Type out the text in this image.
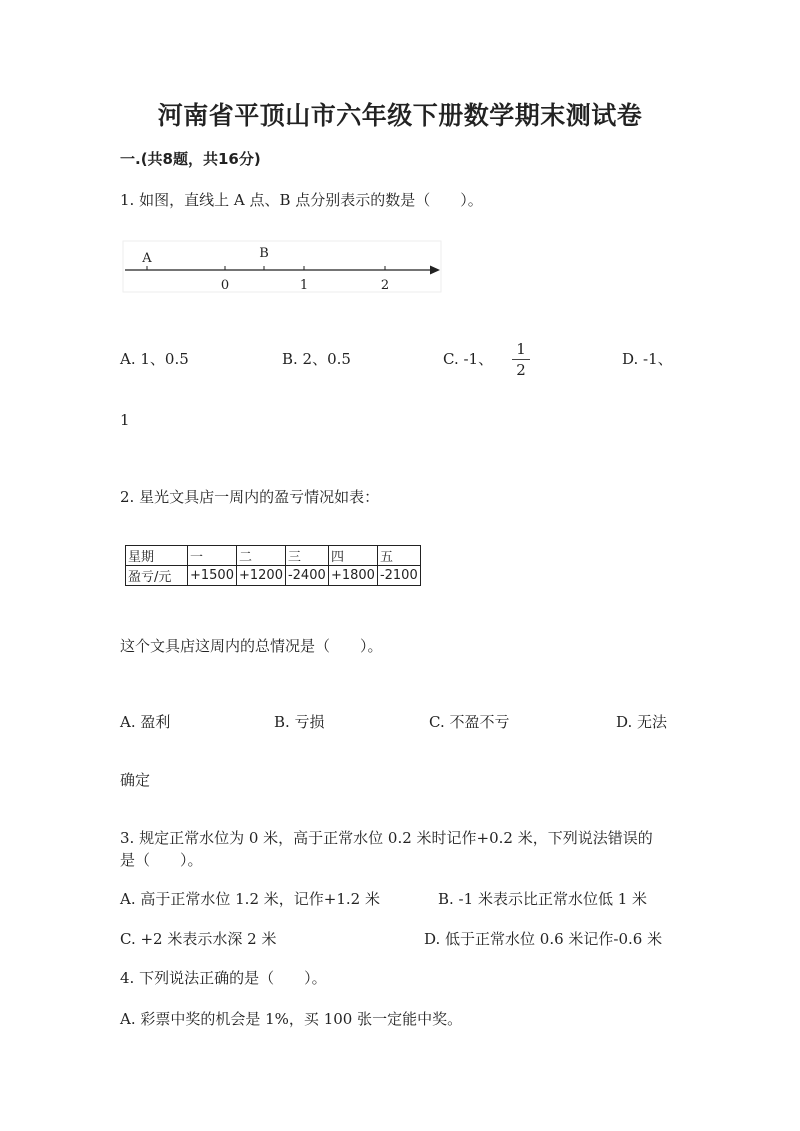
河南省平顶山市六年级下册数学期末测试卷
一.(共8题，共16分)
1. 如图，直线上 A 点、B 点分别表示的数是（　　）。
A	B
0	1	2
A. 1、0.5	B. 2、0.5	C. -1、
1
2
D. -1、
1
2. 星光文具店一周内的盈亏情况如表：
星期	一	二	三	四	五
盈亏/元	+1500	+1200	-2400	+1800	-2100
这个文具店这周内的总情况是（　　）。
A. 盈利	B. 亏损	C. 不盈不亏	D. 无法
确定
3. 规定正常水位为 0 米，高于正常水位 0.2 米时记作+0.2 米，下列说法错误的
是（　　）。
A. 高于正常水位 1.2 米，记作+1.2 米	B. -1 米表示比正常水位低 1 米
C. +2 米表示水深 2 米	D. 低于正常水位 0.6 米记作-0.6 米
4. 下列说法正确的是（　　）。
A. 彩票中奖的机会是 1%，买 100 张一定能中奖。
